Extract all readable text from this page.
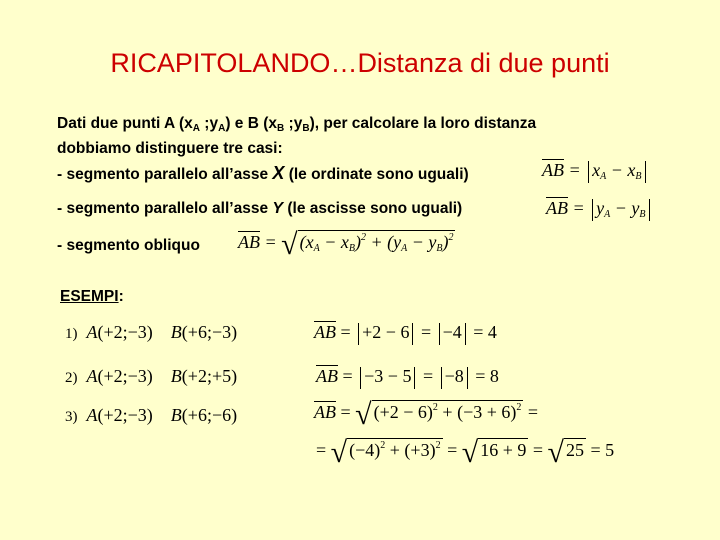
RICAPITOLANDO…Distanza di due punti
Dati due punti A ($x_A$ $;y_A$) e B ($x_B$ $;y_B$), per calcolare la loro distanza
dobbiamo distinguere tre casi:
- segmento parallelo all’asse X (le ordinate sono uguali)	$\overline{AB} = x_A - x_B$
- segmento parallelo all’asse Y (le ascisse sono uguali)	$\overline{AB} = y_A - y_B$
- segmento obliquo $\overline{AB}$ = √ $(x_A - x_B)^2 + (y_A - y_B)^2$
ESEMPI:
1) A(+2;−3)    B(+6;−3)	$\overline{AB} = +2 - 6 = -4 = 4$
2) A(+2;−3)    B(+2;+5)	$\overline{AB} = -3 - 5 = -8 = 8$
3) A(+2;−3)    B(+6;−6)	$\overline{AB}$ = √ $(+2 - 6)^2 + (-3 + 6)^2$ =
= √ $(-4)^2 + (+3)^2$ = √ 16 + 9 = √ 25 = 5
